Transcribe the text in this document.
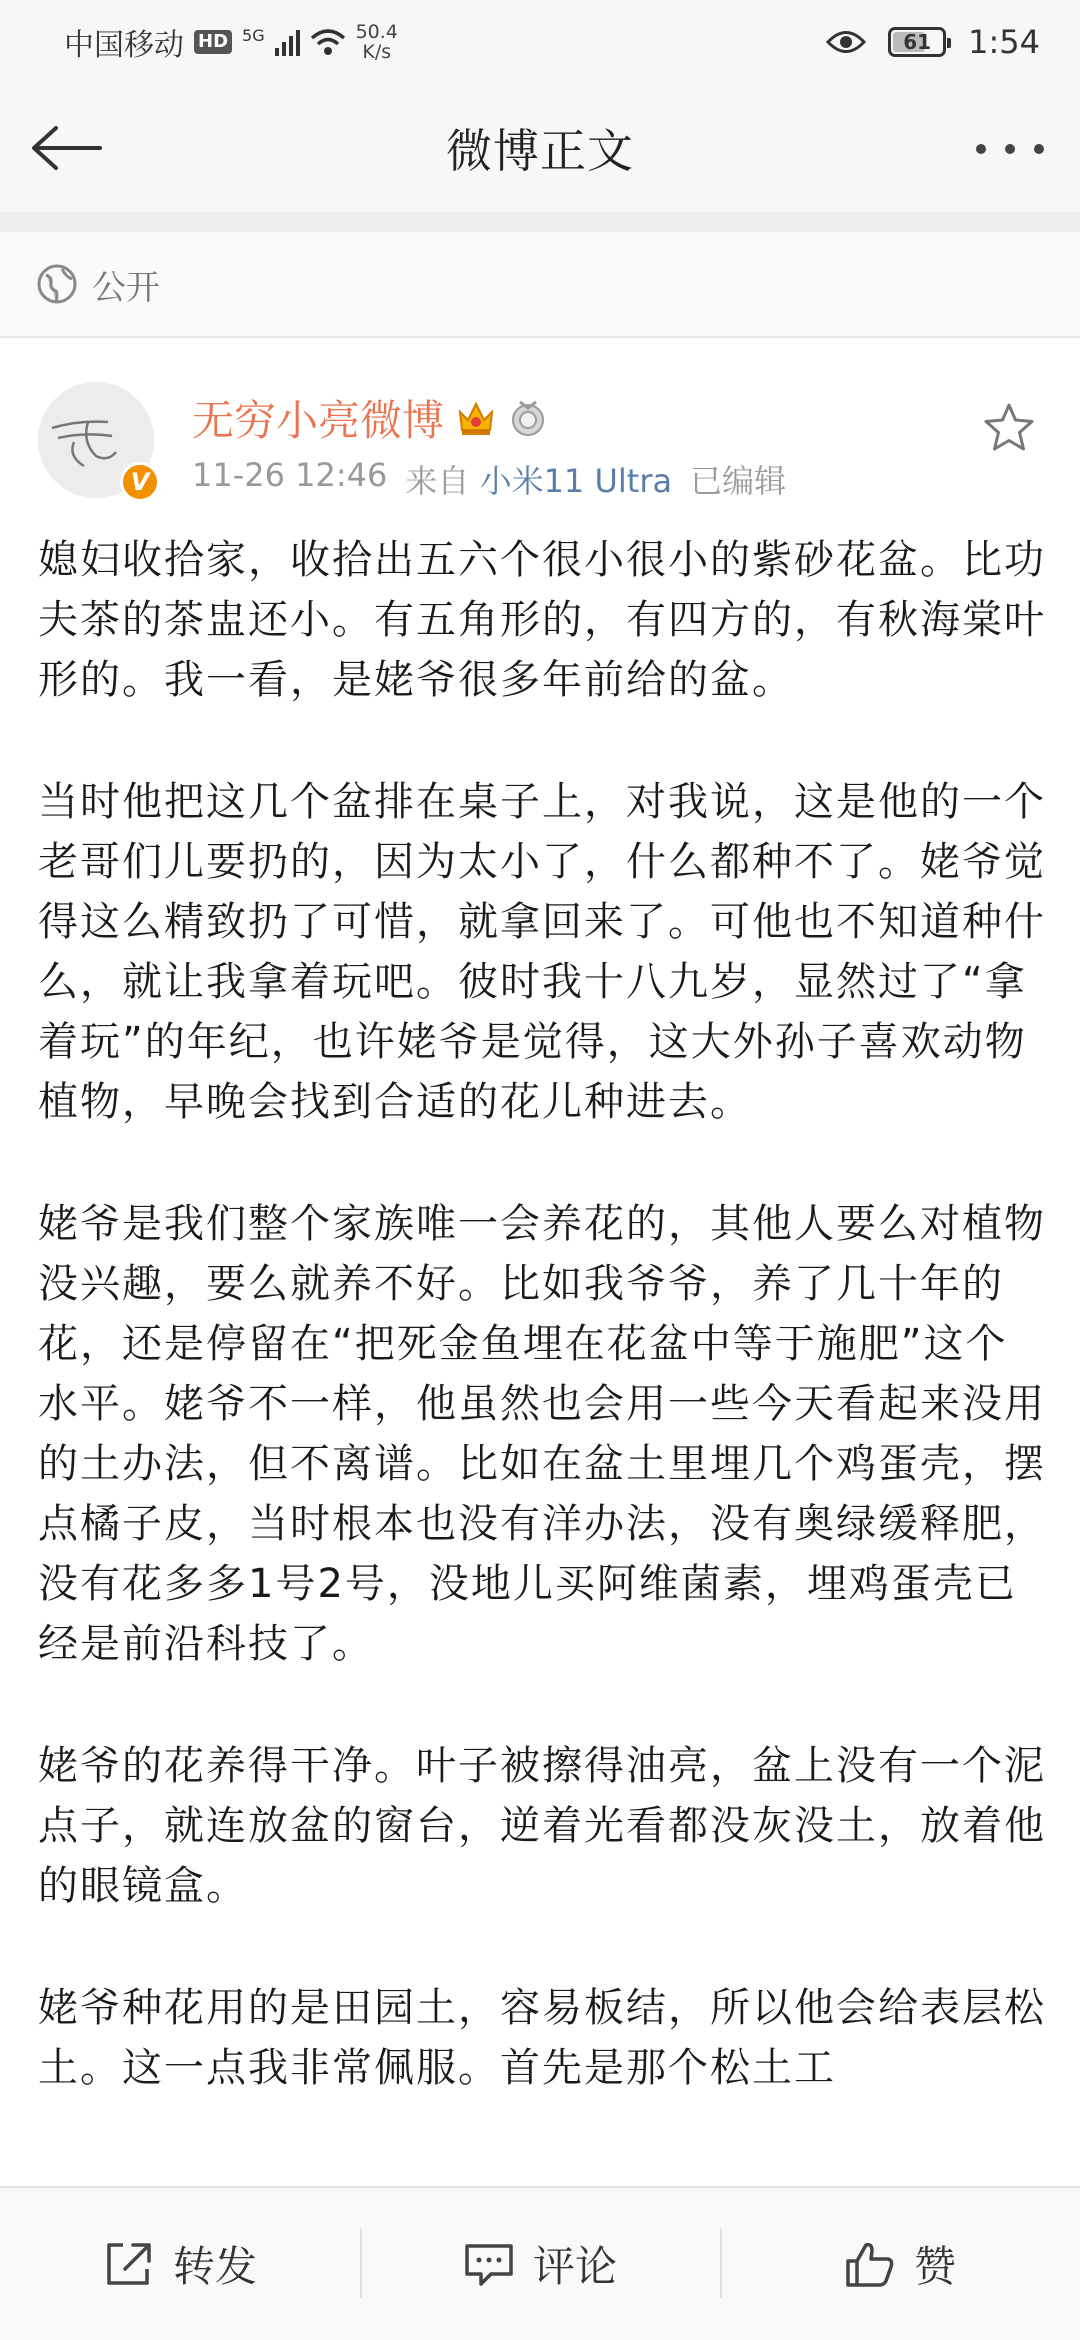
中国移动 HD 5G	50.4
K/s	61 1:54
微博正文
公开
V
无穷小亮微博
11-26 12:46 来自 小米11 Ultra 已编辑

媳妇收拾家，收拾出五六个很小很小的紫砂花盆。比功夫茶的茶盅还小。有五角形的，有四方的，有秋海棠叶形的。我一看，是姥爷很多年前给的盆。

当时他把这几个盆排在桌子上，对我说，这是他的一个老哥们儿要扔的，因为太小了，什么都种不了。姥爷觉得这么精致扔了可惜，就拿回来了。可他也不知道种什么，就让我拿着玩吧。彼时我十八九岁，显然过了“拿着玩”的年纪，也许姥爷是觉得，这大外孙子喜欢动物植物，早晚会找到合适的花儿种进去。

姥爷是我们整个家族唯一会养花的，其他人要么对植物没兴趣，要么就养不好。比如我爷爷，养了几十年的花，还是停留在“把死金鱼埋在花盆中等于施肥”这个水平。姥爷不一样，他虽然也会用一些今天看起来没用的土办法，但不离谱。比如在盆土里埋几个鸡蛋壳，摆点橘子皮，当时根本也没有洋办法，没有奥绿缓释肥，没有花多多1号2号，没地儿买阿维菌素，埋鸡蛋壳已经是前沿科技了。

姥爷的花养得干净。叶子被擦得油亮，盆上没有一个泥点子，就连放盆的窗台，逆着光看都没灰没土，放着他的眼镜盒。

姥爷种花用的是田园土，容易板结，所以他会给表层松土。这一点我非常佩服。首先是那个松土工

转发	评论	赞
